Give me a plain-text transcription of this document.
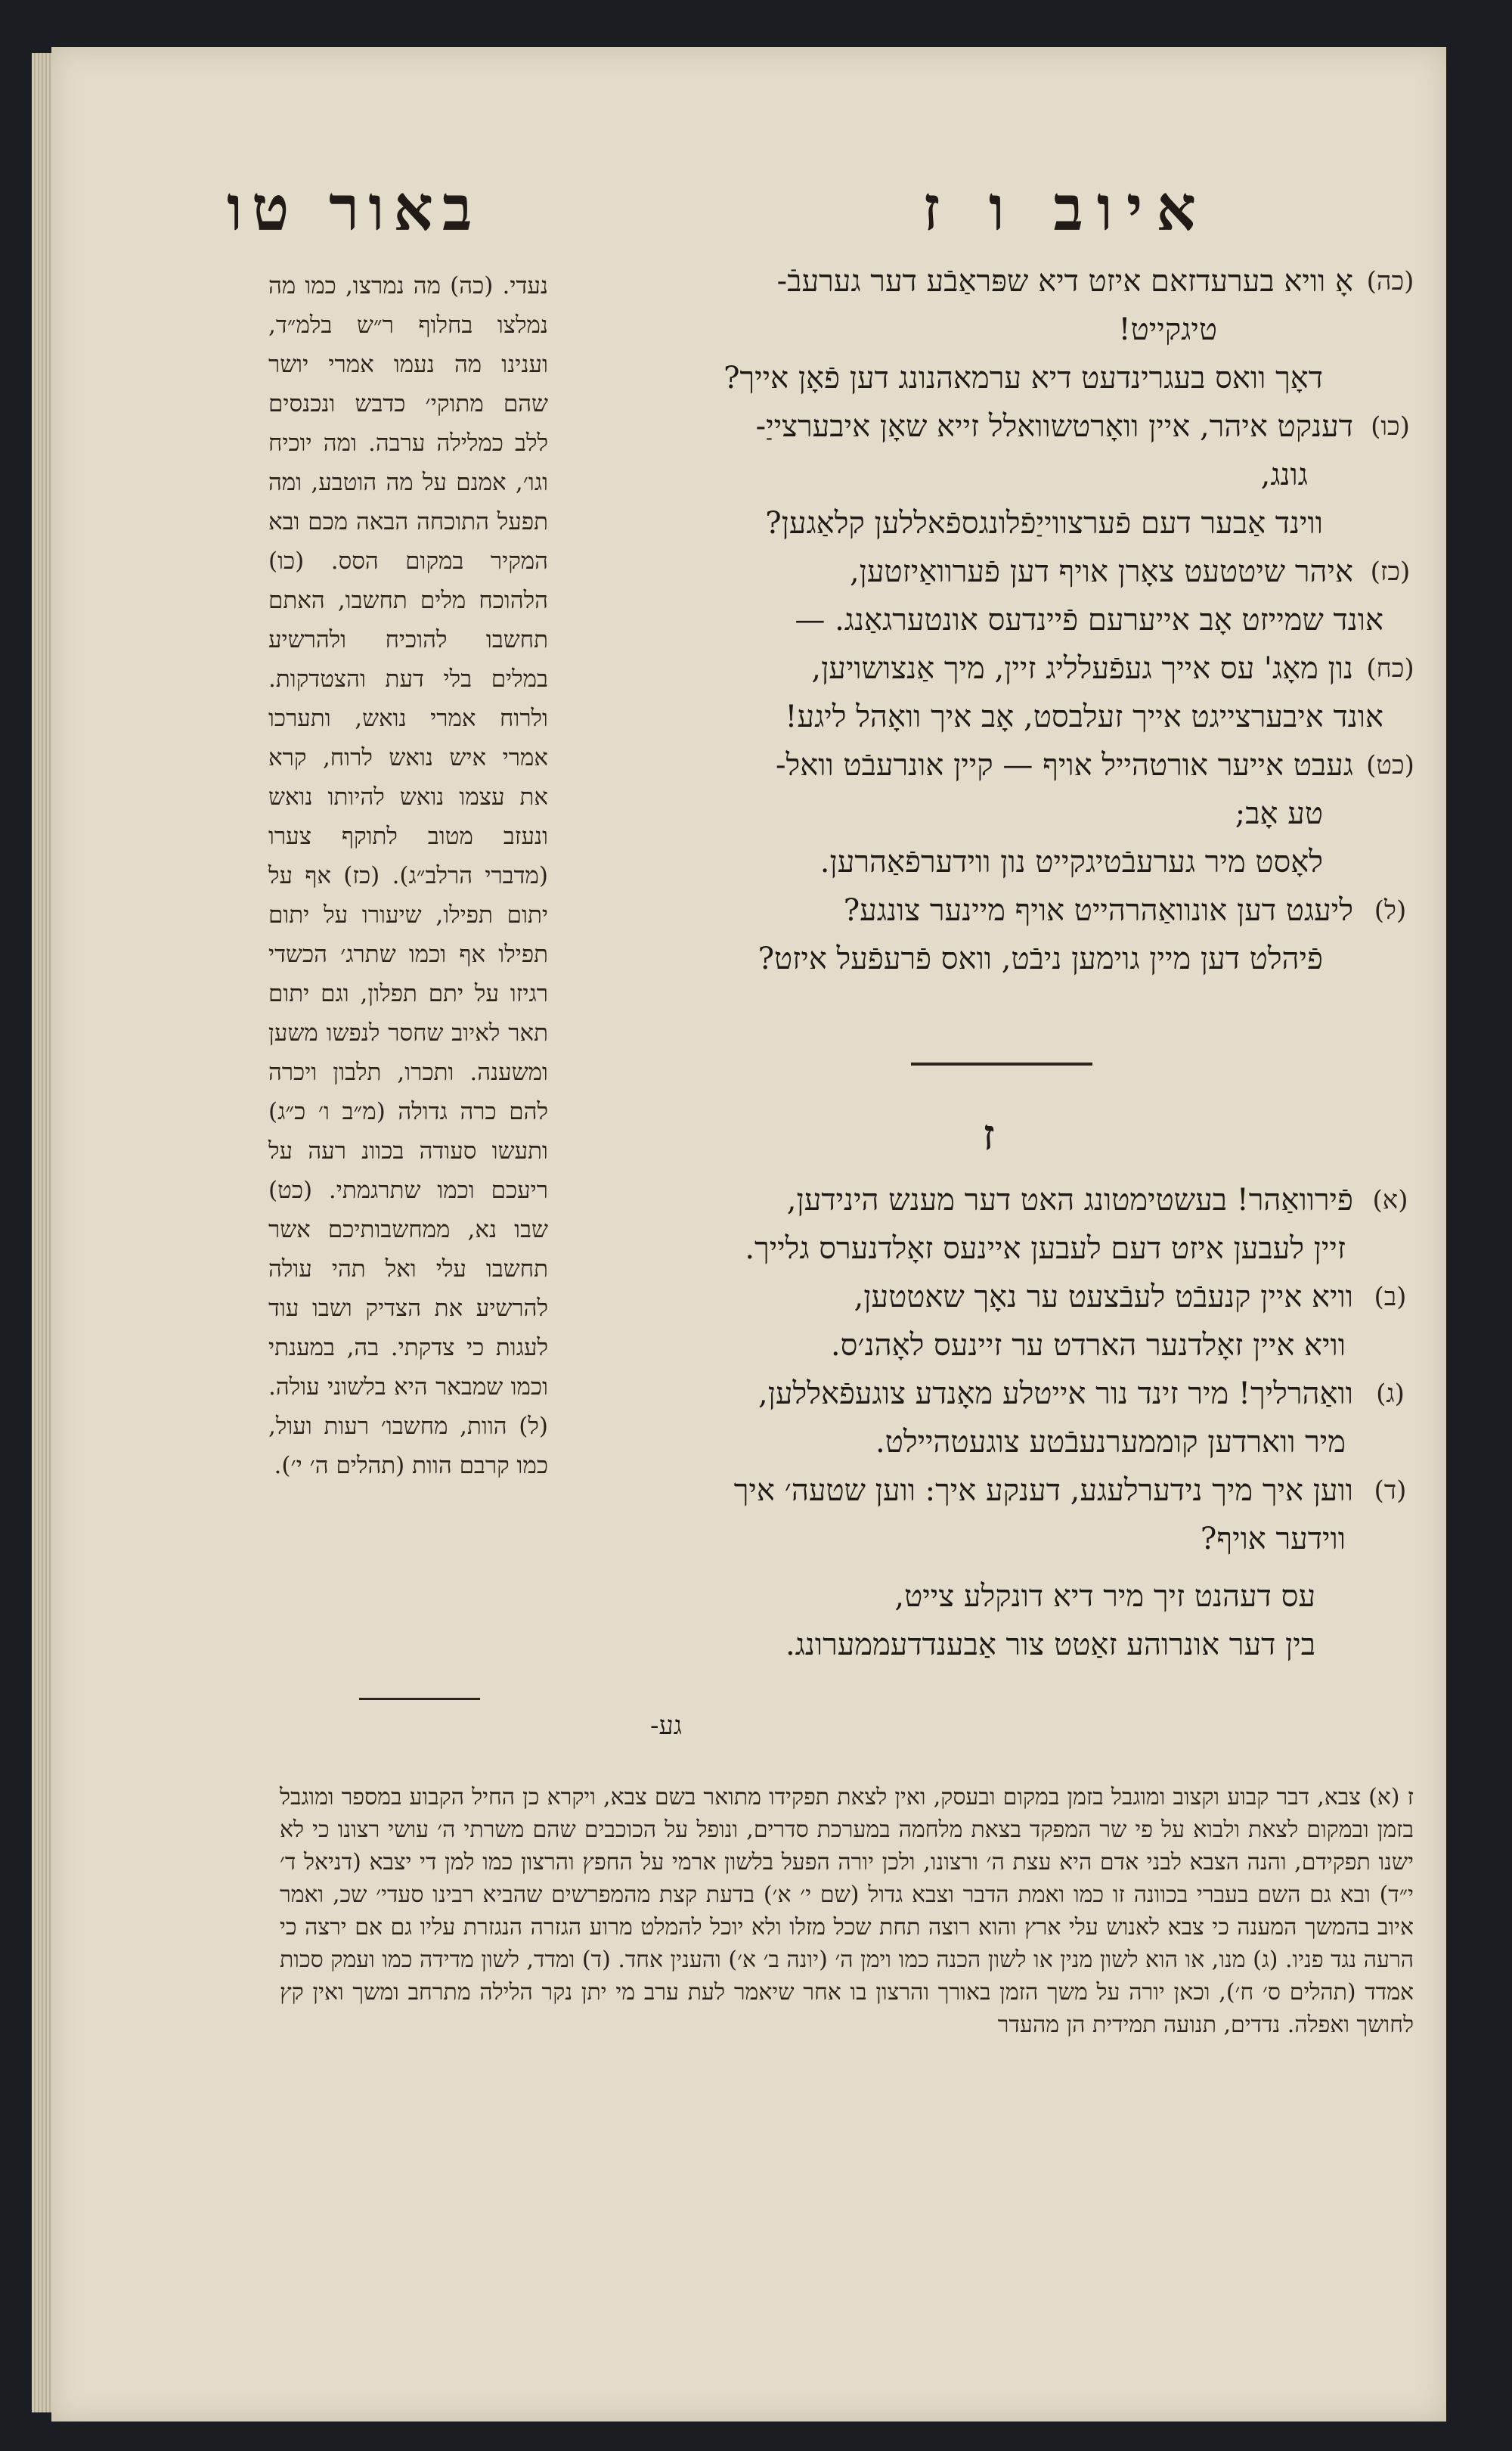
איוב ו ז
באור טו
(כה)
אָ וויא בערעדזאם איזט דיא שפּראַבֿע דער גערעבֿ-
טיגקייט!
דאָך וואס בעגרינדעט דיא ערמאהנונג דען פֿאָן אייך?
(כו)
דענקט איהר, איין וואָרטשוואלל זייא שאָן איבערצייַ-
גונג,
ווינד אַבער דעם פֿערצווייַפֿלונגספֿאללען קלאַגען?
(כז)
איהר שיטטעט צאָרן אויף דען פֿערוואַיזטען,
אונד שמייזט אָב אייערעם פֿיינדעס אונטערגאַנג. —
(כח)
נון מאָג' עס אייך געפֿעלליג זיין, מיך אַנצושויען,
אונד איבערצייגט אייך זעלבסט, אָב איך וואָהל ליגע!
(כט)
געבט אייער אורטהייל אויף — קיין אונרעבֿט וואל-
טע אָב;
לאָסט מיר גערעבֿטיגקייט נון ווידערפֿאַהרען.
(ל)
ליעגט דען אונוואַהרהייט אויף מיינער צונגע?
פֿיהלט דען מיין גוימען ניבֿט, וואס פֿרעפֿעל איזט?
ז
(א)
פֿירוואַהר! בעשטימטונג האט דער מענש הינידען,
זיין לעבען איזט דעם לעבען איינעס זאָלדנערס גלייך.
(ב)
וויא איין קנעבֿט לעבֿצעט ער נאָך שאטטען,
וויא איין זאָלדנער הארדט ער זיינעס לאָהנ׳ס.
(ג)
וואַהרליך! מיר זינד נור אייטלע מאָנדע צוגעפֿאללען,
מיר ווארדען קוממערנעבֿטע צוגעטהיילט.
(ד)
ווען איך מיך נידערלעגע, דענקע איך: ווען שטעה׳ איך
ווידער אויף?
עס דעהנט זיך מיר דיא דונקלע צייט,
בין דער אונרוהע זאַטט צור אַבענדדעממערונג.
גע-
נעדי. (כה) מה נמרצו, כמו מה נמלצו בחלוף ר״ש בלמ״ד, וענינו מה נעמו אמרי יושר שהם מתוקי׳ כדבש ונכנסים ללב כמלילה ערבה. ומה יוכיח וגו׳, אמנם על מה הוטבע, ומה תפעל התוכחה הבאה מכם ובא המקיר במקום הסס. (כו) הלהוכח מלים תחשבו, האתם תחשבו להוכיח ולהרשיע במלים בלי דעת והצטדקות. ולרוח אמרי נואש, ותערכו אמרי איש נואש לרוח, קרא את עצמו נואש להיותו נואש ונעזב מטוב לתוקף צערו (מדברי הרלב״ג). (כז) אף על יתום תפילו, שיעורו על יתום תפילו אף וכמו שתרג׳ הכשדי רגיזו על יתם תפלון, וגם יתום תאר לאיוב שחסר לנפשו משען ומשענה. ותכרו, תלבון ויכרה להם כרה גדולה (מ״ב ו׳ כ״ג) ותעשו סעודה בכוונ רעה על ריעכם וכמו שתרגמתי. (כט) שבו נא, ממחשבותיכם אשר תחשבו עלי ואל תהי עולה להרשיע את הצדיק ושבו עוד לעגות כי צדקתי. בה, במענתי וכמו שמבאר היא בלשוני עולה. (ל) הוות, מחשבו׳ רעות ועול, כמו קרבם הוות (תהלים ה׳ י׳).
ז (א) צבא, דבר קבוע וקצוב ומוגבל בזמן במקום ובעסק, ואין לצאת תפקידו מתואר בשם צבא, ויקרא כן החיל הקבוע במספר ומוגבל בזמן ובמקום לצאת ולבוא על פי שר המפקד בצאת מלחמה במערכת סדרים, ונופל על הכוכבים שהם משרתי ה׳ עושי רצונו כי לא ישנו תפקידם, והנה הצבא לבני אדם היא עצת ה׳ ורצונו, ולכן יורה הפעל בלשון ארמי על החפץ והרצון כמו למן די יצבא (דניאל ד׳ י״ד) ובא גם השם בעברי בכוונה זו כמו ואמת הדבר וצבא גדול (שם י׳ א׳) בדעת קצת מהמפרשים שהביא רבינו סעדי׳ שכ, ואמר איוב בהמשך המענה כי צבא לאנוש עלי ארץ והוא רוצה תחת שכל מזלו ולא יוכל להמלט מרוע הגזרה הנגזרת עליו גם אם ירצה כי הרעה נגד פניו. (ג) מנו, או הוא לשון מנין או לשון הכנה כמו וימן ה׳ (יונה ב׳ א׳) והענין אחד. (ד) ומדד, לשון מדידה כמו ועמק סכות אמדד (תהלים ס׳ ח׳), וכאן יורה על משך הזמן באורך והרצון בו אחר שיאמר לעת ערב מי יתן נקר הלילה מתרחב ומשך ואין קץ לחושך ואפלה. נדדים, תנועה תמידית הן מהעדר
